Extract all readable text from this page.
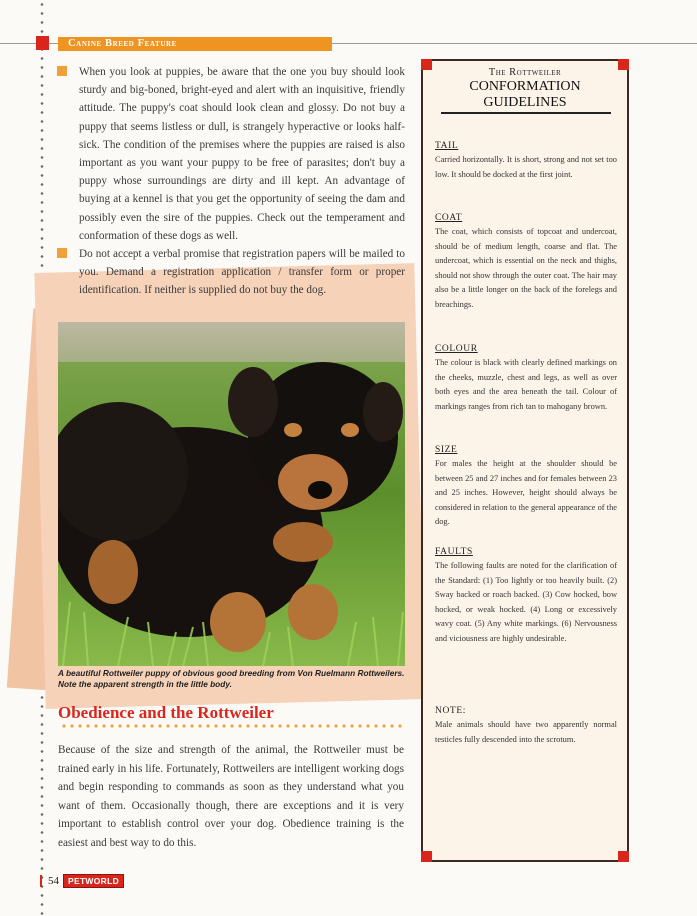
Canine Breed Feature
When you look at puppies, be aware that the one you buy should look sturdy and big-boned, bright-eyed and alert with an inquisitive, friendly attitude. The puppy's coat should look clean and glossy. Do not buy a puppy that seems listless or dull, is strangely hyperactive or looks half-sick. The condition of the premises where the puppies are raised is also important as you want your puppy to be free of parasites; don't buy a puppy whose surroundings are dirty and ill kept. An advantage of buying at a kennel is that you get the opportunity of seeing the dam and possibly even the sire of the puppies. Check out the temperament and conformation of these dogs as well.
Do not accept a verbal promise that registration papers will be mailed to you. Demand a registration application / transfer form or proper identification. If neither is supplied do not buy the dog.
A beautiful Rottweiler puppy of obvious good breeding from Von Ruelmann Rottweilers. Note the apparent strength in the little body.
Obedience and the Rottweiler
Because of the size and strength of the animal, the Rottweiler must be trained early in his life. Fortunately, Rottweilers are intelligent working dogs and begin responding to commands as soon as they understand what you want of them. Occasionally though, there are exceptions and it is very important to establish control over your dog. Obedience training is the easiest and best way to do this.
54	PETWORLD
The Rottweiler
CONFORMATION
GUIDELINES
TAIL
Carried horizontally. It is short, strong and not set too low. It should be docked at the first joint.
COAT
The coat, which consists of topcoat and undercoat, should be of medium length, coarse and flat. The undercoat, which is essential on the neck and thighs, should not show through the outer coat. The hair may also be a little longer on the back of the forelegs and breachings.
COLOUR
The colour is black with clearly defined markings on the cheeks, muzzle, chest and legs, as well as over both eyes and the area beneath the tail. Colour of markings ranges from rich tan to mahogany brown.
SIZE
For males the height at the shoulder should be between 25 and 27 inches and for females between 23 and 25 inches. However, height should always be considered in relation to the general appearance of the dog.
FAULTS
The following faults are noted for the clarification of the Standard: (1) Too lightly or too heavily built. (2) Sway backed or roach backed. (3) Cow hocked, bow hocked, or weak hocked. (4) Long or excessively wavy coat. (5) Any white markings. (6) Nervousness and viciousness are highly undesirable.
NOTE:
Male animals should have two apparently normal testicles fully descended into the scrotum.
